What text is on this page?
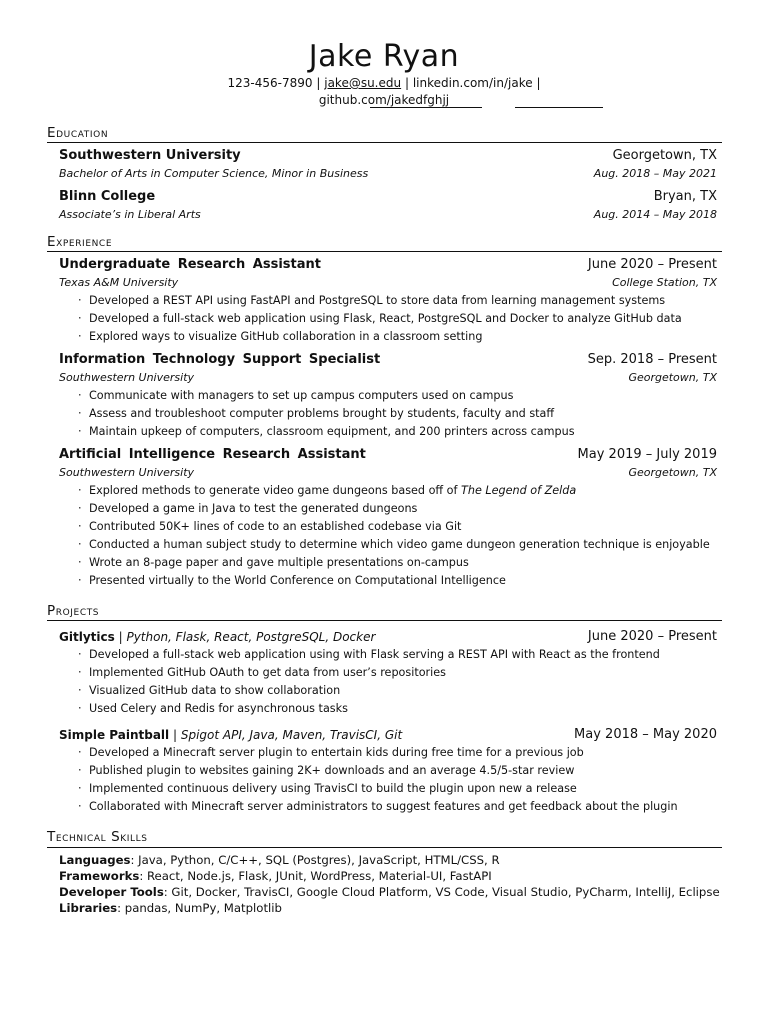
Jake Ryan
123-456-7890 | jake@su.edu | linkedin.com/in/jake |
github.com/jakedfghjj
Education
Southwestern University	Georgetown, TX
Bachelor of Arts in Computer Science, Minor in Business	Aug. 2018 – May 2021
Blinn College	Bryan, TX
Associate’s in Liberal Arts	Aug. 2014 – May 2018
Experience
Undergraduate Research Assistant	June 2020 – Present
Texas A&M University	College Station, TX
· Developed a REST API using FastAPI and PostgreSQL to store data from learning management systems
· Developed a full-stack web application using Flask, React, PostgreSQL and Docker to analyze GitHub data
· Explored ways to visualize GitHub collaboration in a classroom setting
Information Technology Support Specialist	Sep. 2018 – Present
Southwestern University	Georgetown, TX
· Communicate with managers to set up campus computers used on campus
· Assess and troubleshoot computer problems brought by students, faculty and staff
· Maintain upkeep of computers, classroom equipment, and 200 printers across campus
Artificial Intelligence Research Assistant	May 2019 – July 2019
Southwestern University	Georgetown, TX
· Explored methods to generate video game dungeons based off of The Legend of Zelda
· Developed a game in Java to test the generated dungeons
· Contributed 50K+ lines of code to an established codebase via Git
· Conducted a human subject study to determine which video game dungeon generation technique is enjoyable
· Wrote an 8-page paper and gave multiple presentations on-campus
· Presented virtually to the World Conference on Computational Intelligence
Projects
Gitlytics | Python, Flask, React, PostgreSQL, Docker	June 2020 – Present
· Developed a full-stack web application using with Flask serving a REST API with React as the frontend
· Implemented GitHub OAuth to get data from user’s repositories
· Visualized GitHub data to show collaboration
· Used Celery and Redis for asynchronous tasks
Simple Paintball | Spigot API, Java, Maven, TravisCI, Git	May 2018 – May 2020
· Developed a Minecraft server plugin to entertain kids during free time for a previous job
· Published plugin to websites gaining 2K+ downloads and an average 4.5/5-star review
· Implemented continuous delivery using TravisCI to build the plugin upon new a release
· Collaborated with Minecraft server administrators to suggest features and get feedback about the plugin
Technical Skills
Languages: Java, Python, C/C++, SQL (Postgres), JavaScript, HTML/CSS, R
Frameworks: React, Node.js, Flask, JUnit, WordPress, Material-UI, FastAPI
Developer Tools: Git, Docker, TravisCI, Google Cloud Platform, VS Code, Visual Studio, PyCharm, IntelliJ, Eclipse
Libraries: pandas, NumPy, Matplotlib
